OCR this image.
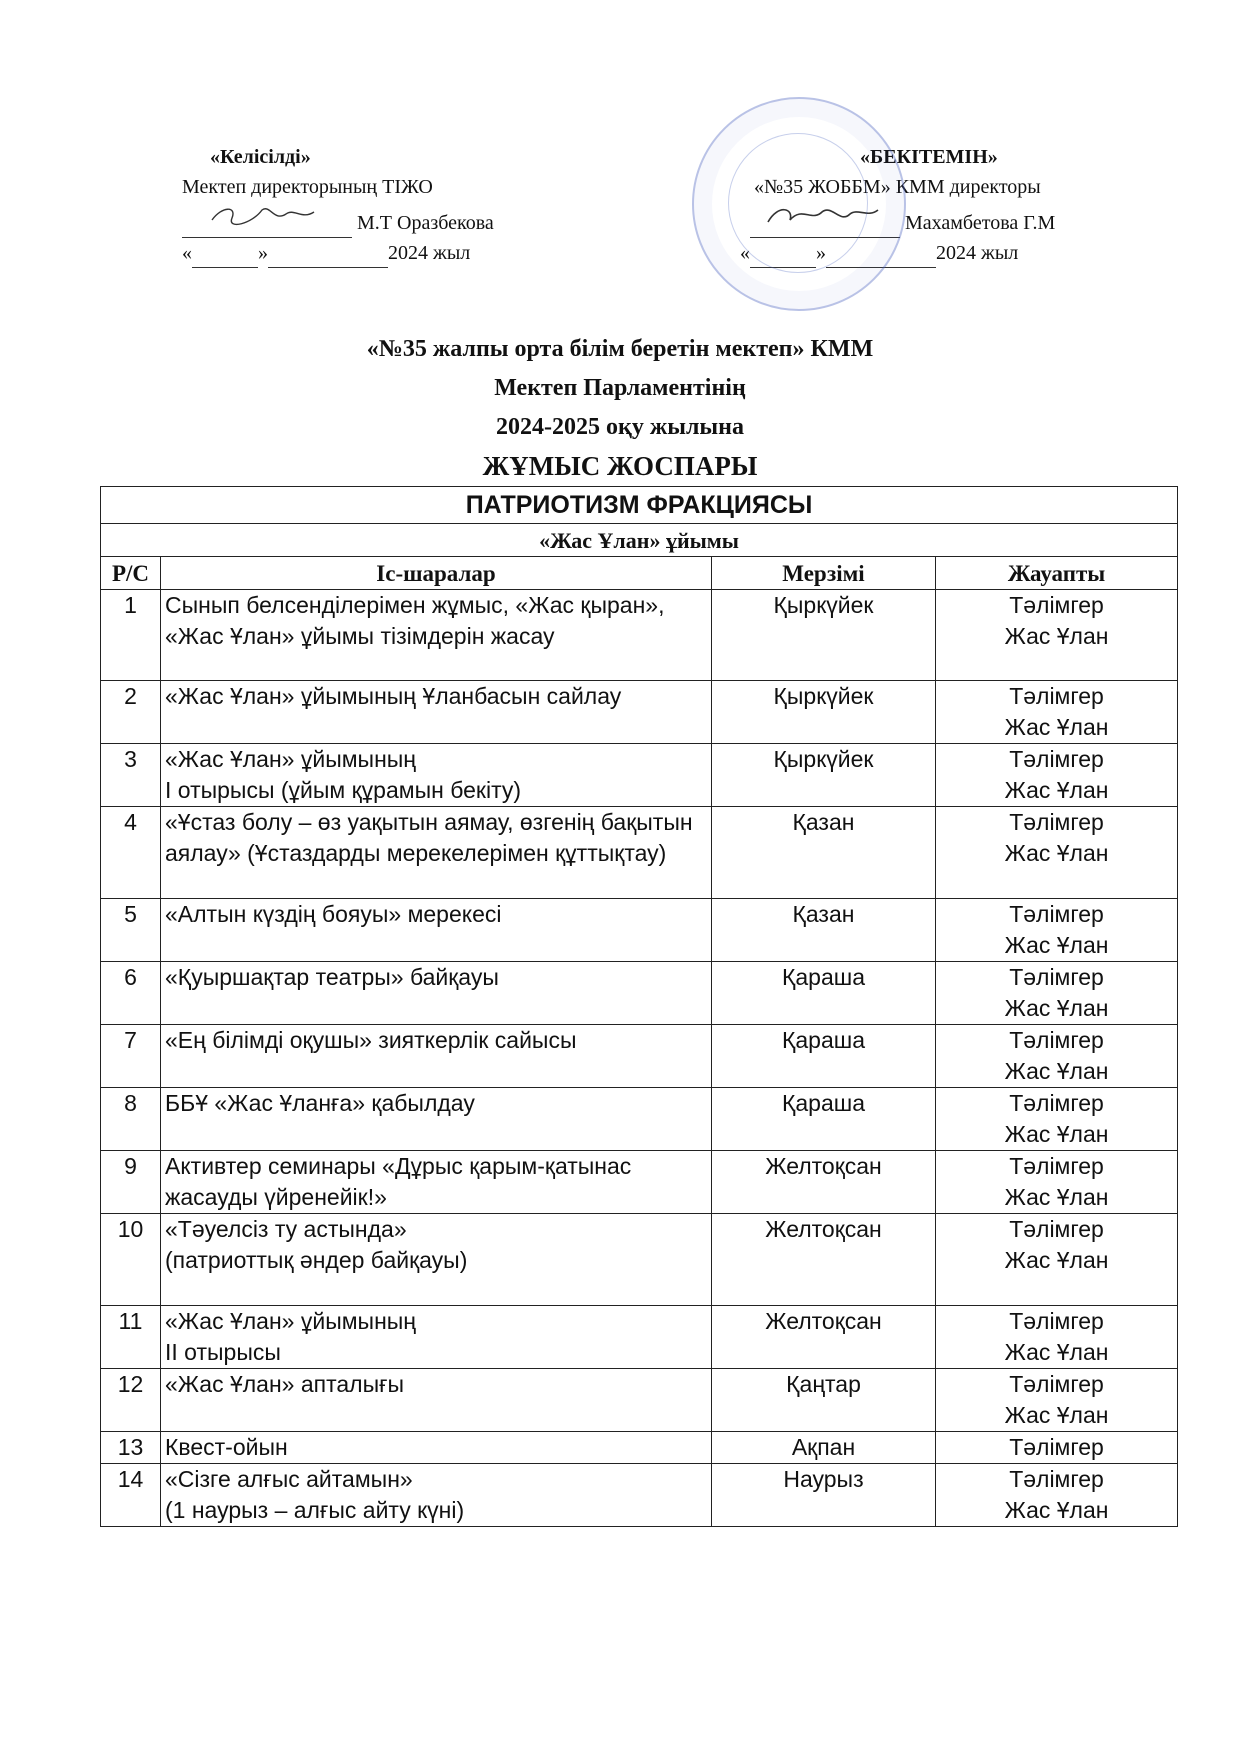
«Келісілді»
Мектеп директорының ТІЖО
М.Т Оразбекова
«	»	2024 жыл
«БЕКІТЕМІН»
«№35 ЖОББМ» КММ директоры
Махамбетова Г.М
«	»	2024 жыл
«№35 жалпы орта білім беретін мектеп» КММ
Мектеп Парламентінің
2024-2025 оқу жылына
ЖҰМЫС ЖОСПАРЫ
ПАТРИОТИЗМ ФРАКЦИЯСЫ			
«Жас Ұлан» ұйымы			
Р/С	Іс-шаралар	Мерзімі	Жауапты
1	Сынып белсенділерімен жұмыс, «Жас қыран», «Жас Ұлан» ұйымы тізімдерін жасау	Қыркүйек	Тәлімгер
Жас Ұлан

2	«Жас Ұлан» ұйымының Ұланбасын сайлау	Қыркүйек	Тәлімгер
Жас Ұлан

3	«Жас Ұлан» ұйымының
І отырысы (ұйым құрамын бекіту)	Қыркүйек	Тәлімгер
Жас Ұлан

4	«Ұстаз болу – өз уақытын аямау, өзгенің бақытын аялау» (Ұстаздарды мерекелерімен құттықтау)	Қазан	Тәлімгер
Жас Ұлан

5	«Алтын күздің бояуы» мерекесі	Қазан	Тәлімгер
Жас Ұлан

6	«Қуыршақтар театры» байқауы	Қараша	Тәлімгер
Жас Ұлан

7	«Ең білімді оқушы» зияткерлік сайысы	Қараша	Тәлімгер
Жас Ұлан

8	ББҰ «Жас Ұланға» қабылдау	Қараша	Тәлімгер
Жас Ұлан

9	Активтер семинары «Дұрыс қарым-қатынас жасауды үйренейік!»	Желтоқсан	Тәлімгер
Жас Ұлан

10	«Тәуелсіз ту астында»
(патриоттық әндер байқауы)	Желтоқсан	Тәлімгер
Жас Ұлан

11	«Жас Ұлан» ұйымының
ІІ отырысы	Желтоқсан	Тәлімгер
Жас Ұлан

12	«Жас Ұлан» апталығы	Қаңтар	Тәлімгер
Жас Ұлан

13	Квест-ойын	Ақпан	Тәлімгер

14	«Сізге алғыс айтамын»
(1 наурыз – алғыс айту күні)	Наурыз	Тәлімгер
Жас Ұлан
